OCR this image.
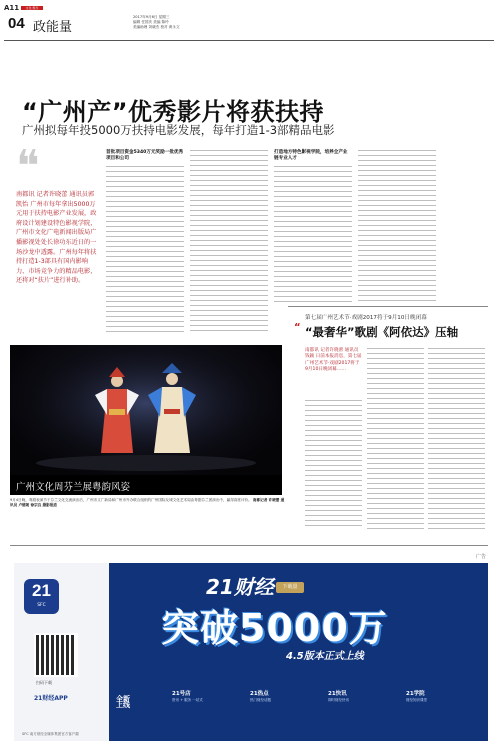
A11	文化·娱乐
04 政能量
2017年9月6日 星期三
编辑 任国庆 美编 陈玲
美编助理 刘晓杰 校对 黄永文
“广州产”优秀影片将获扶持
广州拟每年投5000万扶持电影发展，每年打造1-3部精品电影
❝
南都讯 记者许晓蕾 通讯员郭凯怡 广州市每年拿出5000万元用于扶持电影产业发展，政府设计划建设特色影视学院，广州市文化广电新闻出版局广播影视处处长徐功东近日的一场沙龙中透露。广州每年将扶持打造1-3部具有国内影响力、市场竞争力的精品电影，还将对“扶片”进行补助。
首批项目资金5340万元奖励一批优秀项目和公司
打造地方特色影视学院，培养全产业链专业人才
广州文化周芬兰展粤韵风姿
9月4日晚，粤剧表演节于芬兰文化交流演出后，广州市文广新局和广州市外办联合组织的广州国际友城文化艺术周由粤剧芬兰团演出中，赢得高度评价。 南都记者 许晓蕾 通讯员 卢德朗 徐宗良 摄影报道
第七届广州艺术节·戏剧2017将于9月10日晚闭幕
“ “最奢华”歌剧《阿依达》压轴
南都讯 记者许晓蕾 通讯员钱颖 日前本报消息，第七届广州艺术节·戏剧2017将于9月10日晚闭幕……
广告
21
SFC
扫码下载
21财经APP
SFC 南方财经全媒体集团官方客户端
21财经	下载量
突破5000万
4.5版本正式上线
全新
上线
21号店
资讯 + 服务 一站式
21热点
热门财经话题
21快讯
即时财经快讯
21学院
财经知识课堂
